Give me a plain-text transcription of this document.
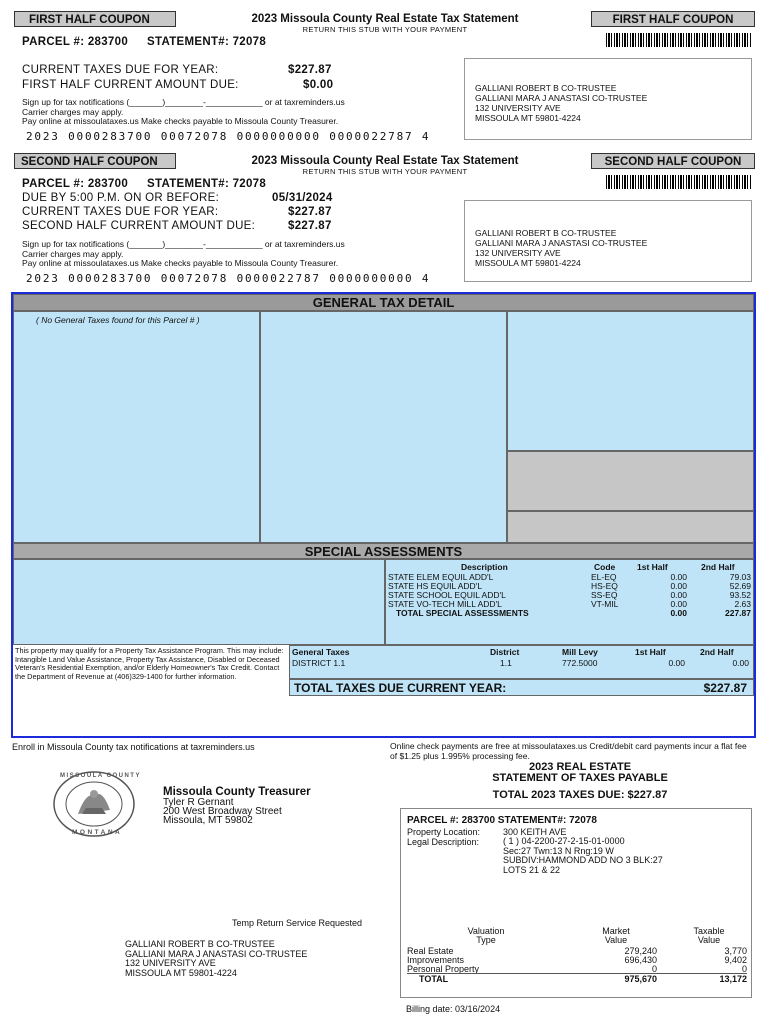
FIRST HALF COUPON	2023 Missoula County Real Estate Tax Statement
RETURN THIS STUB WITH YOUR PAYMENT
FIRST HALF COUPON
PARCEL #: 283700 STATEMENT#: 72078
CURRENT TAXES DUE FOR YEAR:	$227.87
FIRST HALF CURRENT AMOUNT DUE:	$0.00
Sign up for tax notifications (_______)________-____________ or at taxreminders.us
Carrier charges may apply.
Pay online at missoulataxes.us Make checks payable to Missoula County Treasurer.
2023 0000283700 00072078 0000000000 0000022787 4
GALLIANI ROBERT B CO-TRUSTEE
GALLIANI MARA J ANASTASI CO-TRUSTEE
132 UNIVERSITY AVE
MISSOULA MT 59801-4224
SECOND HALF COUPON	2023 Missoula County Real Estate Tax Statement
RETURN THIS STUB WITH YOUR PAYMENT
SECOND HALF COUPON
PARCEL #: 283700 STATEMENT#: 72078
DUE BY 5:00 P.M. ON OR BEFORE:	05/31/2024
CURRENT TAXES DUE FOR YEAR:	$227.87
SECOND HALF CURRENT AMOUNT DUE:	$227.87
Sign up for tax notifications (_______)________-____________ or at taxreminders.us
Carrier charges may apply.
Pay online at missoulataxes.us Make checks payable to Missoula County Treasurer.
2023 0000283700 00072078 0000022787 0000000000 4
GALLIANI ROBERT B CO-TRUSTEE
GALLIANI MARA J ANASTASI CO-TRUSTEE
132 UNIVERSITY AVE
MISSOULA MT 59801-4224
GENERAL TAX DETAIL
( No General Taxes found for this Parcel # )
SPECIAL ASSESSMENTS
Description	Code	1st Half	2nd Half
STATE ELEM EQUIL ADD'L	EL-EQ	0.00	79.03
STATE HS EQUIL ADD'L	HS-EQ	0.00	52.69
STATE SCHOOL EQUIL ADD'L	SS-EQ	0.00	93.52
STATE VO-TECH MILL ADD'L	VT-MIL	0.00	2.63
TOTAL SPECIAL ASSESSMENTS	0.00	227.87
This property may qualify for a Property Tax Assistance Program. This may include: Intangible Land Value Assistance, Property Tax Assistance, Disabled or Deceased Veteran's Residential Exemption, and/or Elderly Homeowner's Tax Credit. Contact the Department of Revenue at (406)329-1400 for further information.
General Taxes	District	Mill Levy	1st Half	2nd Half
DISTRICT 1.1	1.1	772.5000	0.00	0.00
TOTAL TAXES DUE CURRENT YEAR:	$227.87
Enroll in Missoula County tax notifications at taxreminders.us	Online check payments are free at missoulataxes.us Credit/debit card payments incur a flat fee of $1.25 plus 1.995% processing fee.
2023 REAL ESTATE
STATEMENT OF TAXES PAYABLE
TOTAL 2023 TAXES DUE: $227.87
MISSOULA COUNTY
MONTANA
Missoula County Treasurer
Tyler R Gernant
200 West Broadway Street
Missoula, MT 59802	PARCEL #: 283700 STATEMENT#: 72078
Property Location:	300 KEITH AVE
Legal Description:	( 1 ) 04-2200-27-2-15-01-0000
Sec:27 Twn:13 N Rng:19 W
SUBDIV:HAMMOND ADD NO 3 BLK:27
LOTS 21 & 22
Valuation
Type
Market
Value
Taxable
Value
Real Estate	279,240	3,770
Improvements	696,430	9,402
Personal Property	0	0
TOTAL	975,670	13,172
Temp Return Service Requested
GALLIANI ROBERT B CO-TRUSTEE
GALLIANI MARA J ANASTASI CO-TRUSTEE
132 UNIVERSITY AVE
MISSOULA MT 59801-4224
Billing date: 03/16/2024
